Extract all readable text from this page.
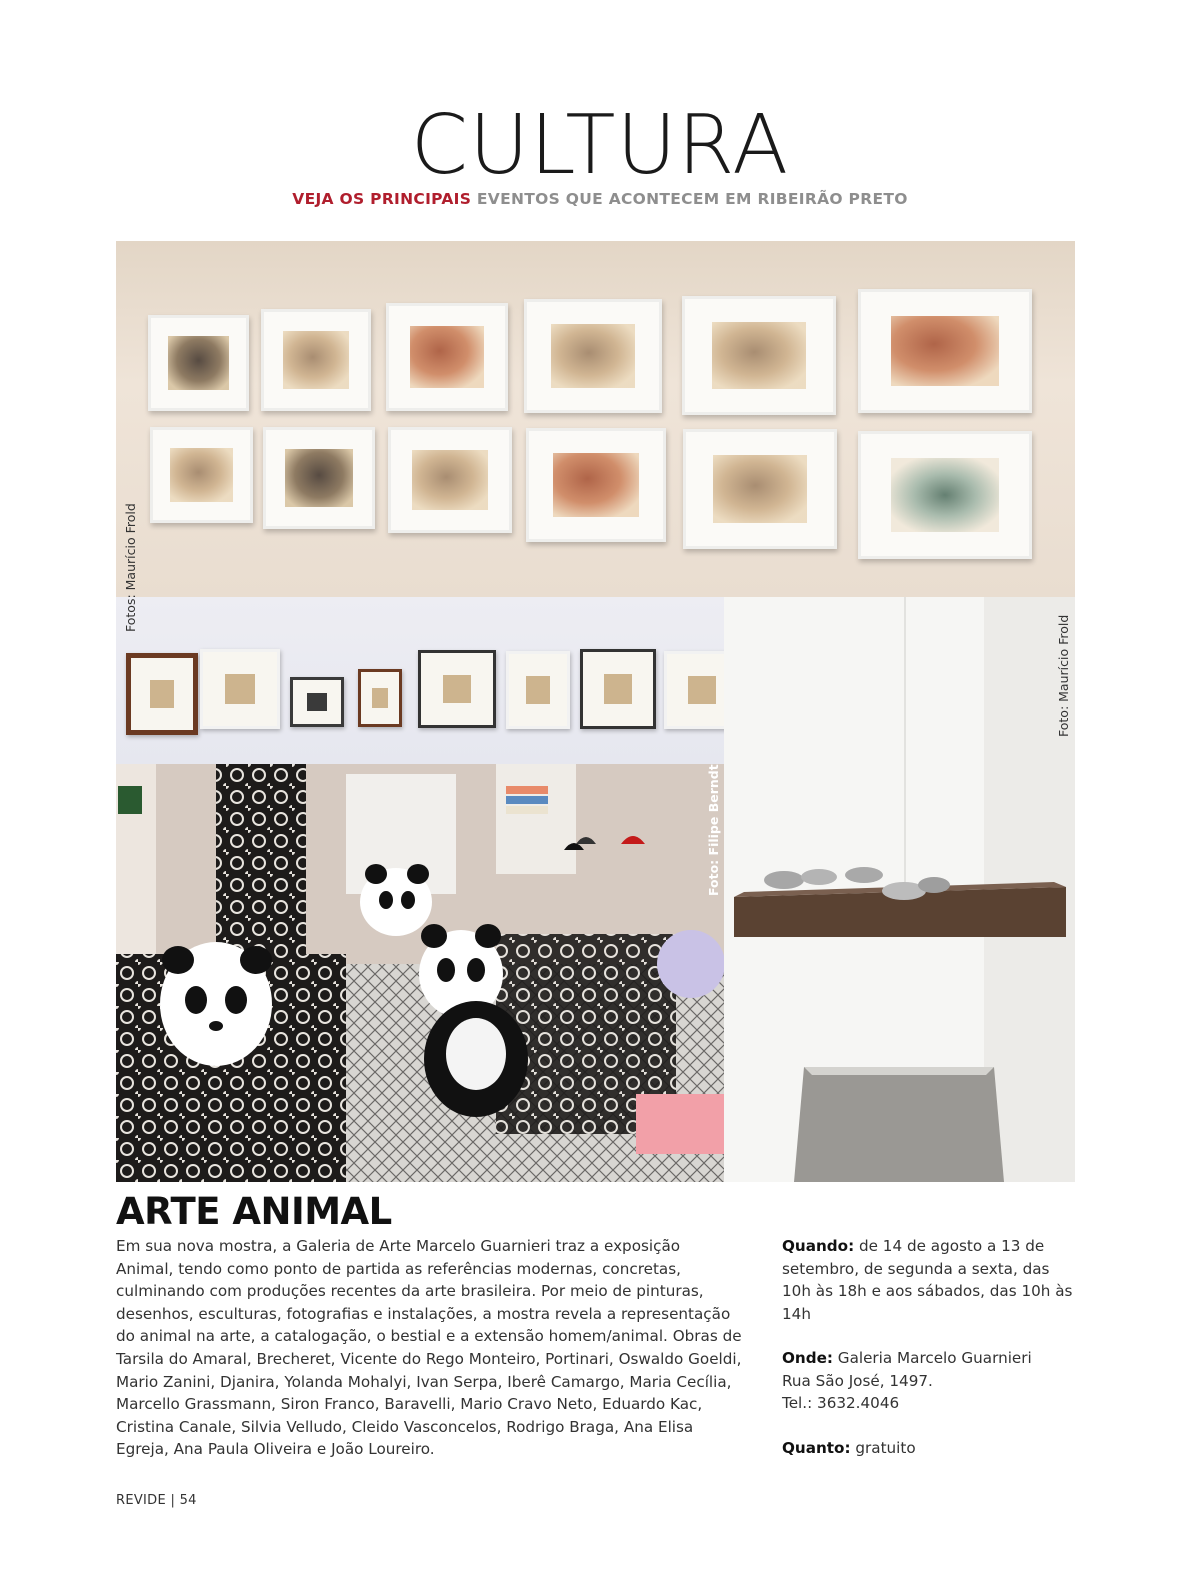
CULTURA
VEJA OS PRINCIPAIS EVENTOS QUE ACONTECEM EM RIBEIRÃO PRETO
Fotos: Maurício Frold
Foto: Maurício Frold
Foto: Filipe Berndt
ARTE ANIMAL

Em sua nova mostra, a Galeria de Arte Marcelo Guarnieri traz a exposição Animal, tendo como ponto de partida as referências modernas, concretas, culminando com produções recentes da arte brasileira. Por meio de pinturas, desenhos, esculturas, fotografias e instalações, a mostra revela a representação do animal na arte, a catalogação, o bestial e a extensão homem/animal. Obras de Tarsila do Amaral, Brecheret, Vicente do Rego Monteiro, Portinari, Oswaldo Goeldi, Mario Zanini, Djanira, Yolanda Mohalyi, Ivan Serpa, Iberê Camargo, Maria Cecília, Marcello Grassmann, Siron Franco, Baravelli, Mario Cravo Neto, Eduardo Kac, Cristina Canale, Silvia Velludo, Cleido Vasconcelos, Rodrigo Braga, Ana Elisa Egreja, Ana Paula Oliveira e João Loureiro.

Quando: de 14 de agosto a 13 de setembro, de segunda a sexta, das 10h às 18h e aos sábados, das 10h às 14h

Onde: Galeria Marcelo Guarnieri
Rua São José, 1497.
Tel.: 3632.4046

Quanto: gratuito

REVIDE | 54
